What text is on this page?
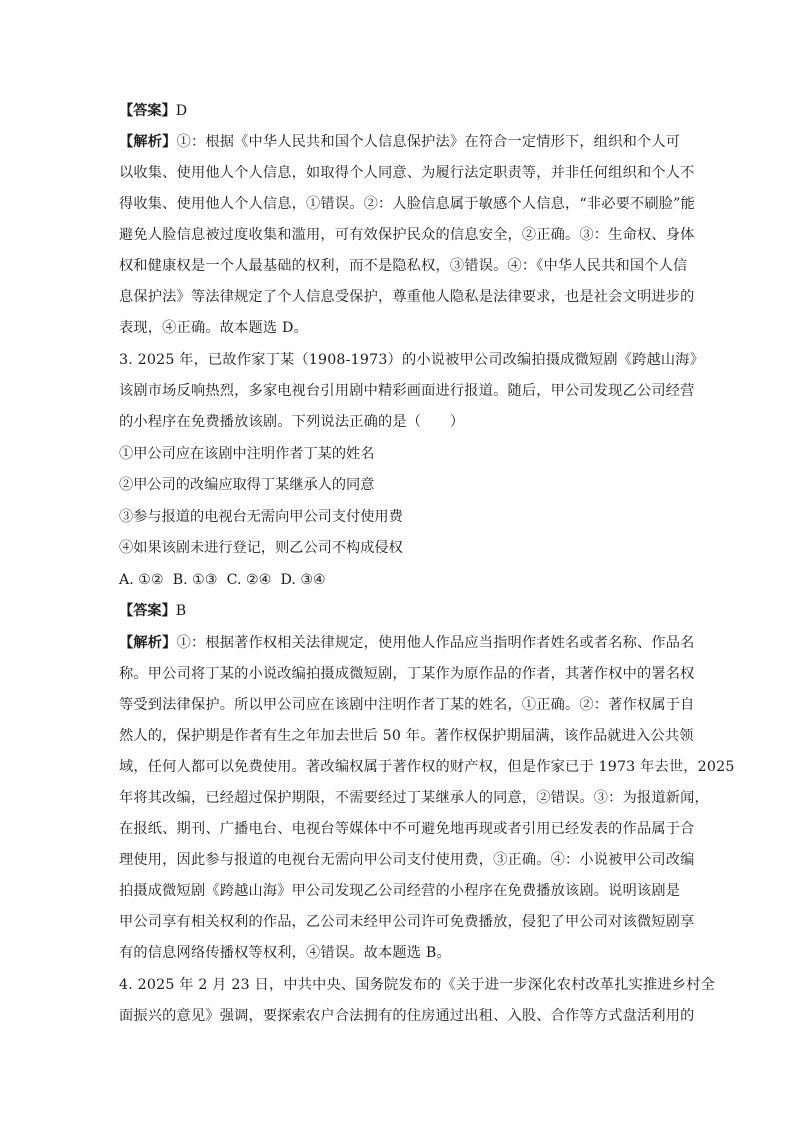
【答案】D
【解析】①：根据《中华人民共和国个人信息保护法》在符合一定情形下，组织和个人可
以收集、使用他人个人信息，如取得个人同意、为履行法定职责等，并非任何组织和个人不
得收集、使用他人个人信息，①错误。②：人脸信息属于敏感个人信息，“非必要不刷脸”能
避免人脸信息被过度收集和滥用，可有效保护民众的信息安全，②正确。③：生命权、身体
权和健康权是一个人最基础的权利，而不是隐私权，③错误。④：《中华人民共和国个人信
息保护法》等法律规定了个人信息受保护，尊重他人隐私是法律要求，也是社会文明进步的
表现，④正确。故本题选 D。
3. 2025 年，已故作家丁某（1908-1973）的小说被甲公司改编拍摄成微短剧《跨越山海》
该剧市场反响热烈，多家电视台引用剧中精彩画面进行报道。随后，甲公司发现乙公司经营
的小程序在免费播放该剧。下列说法正确的是（　　）
①甲公司应在该剧中注明作者丁某的姓名
②甲公司的改编应取得丁某继承人的同意
③参与报道的电视台无需向甲公司支付使用费
④如果该剧未进行登记，则乙公司不构成侵权
A. ①②  B. ①③  C. ②④  D. ③④
【答案】B
【解析】①：根据著作权相关法律规定，使用他人作品应当指明作者姓名或者名称、作品名
称。甲公司将丁某的小说改编拍摄成微短剧，丁某作为原作品的作者，其著作权中的署名权
等受到法律保护。所以甲公司应在该剧中注明作者丁某的姓名，①正确。②：著作权属于自
然人的，保护期是作者有生之年加去世后 50 年。著作权保护期届满，该作品就进入公共领
域，任何人都可以免费使用。著改编权属于著作权的财产权，但是作家已于 1973 年去世，2025
年将其改编，已经超过保护期限，不需要经过丁某继承人的同意，②错误。③：为报道新闻，
在报纸、期刊、广播电台、电视台等媒体中不可避免地再现或者引用已经发表的作品属于合
理使用，因此参与报道的电视台无需向甲公司支付使用费，③正确。④：小说被甲公司改编
拍摄成微短剧《跨越山海》甲公司发现乙公司经营的小程序在免费播放该剧。说明该剧是
甲公司享有相关权利的作品，乙公司未经甲公司许可免费播放，侵犯了甲公司对该微短剧享
有的信息网络传播权等权利，④错误。故本题选 B。
4. 2025 年 2 月 23 日，中共中央、国务院发布的《关于进一步深化农村改革扎实推进乡村全
面振兴的意见》强调，要探索农户合法拥有的住房通过出租、入股、合作等方式盘活利用的
